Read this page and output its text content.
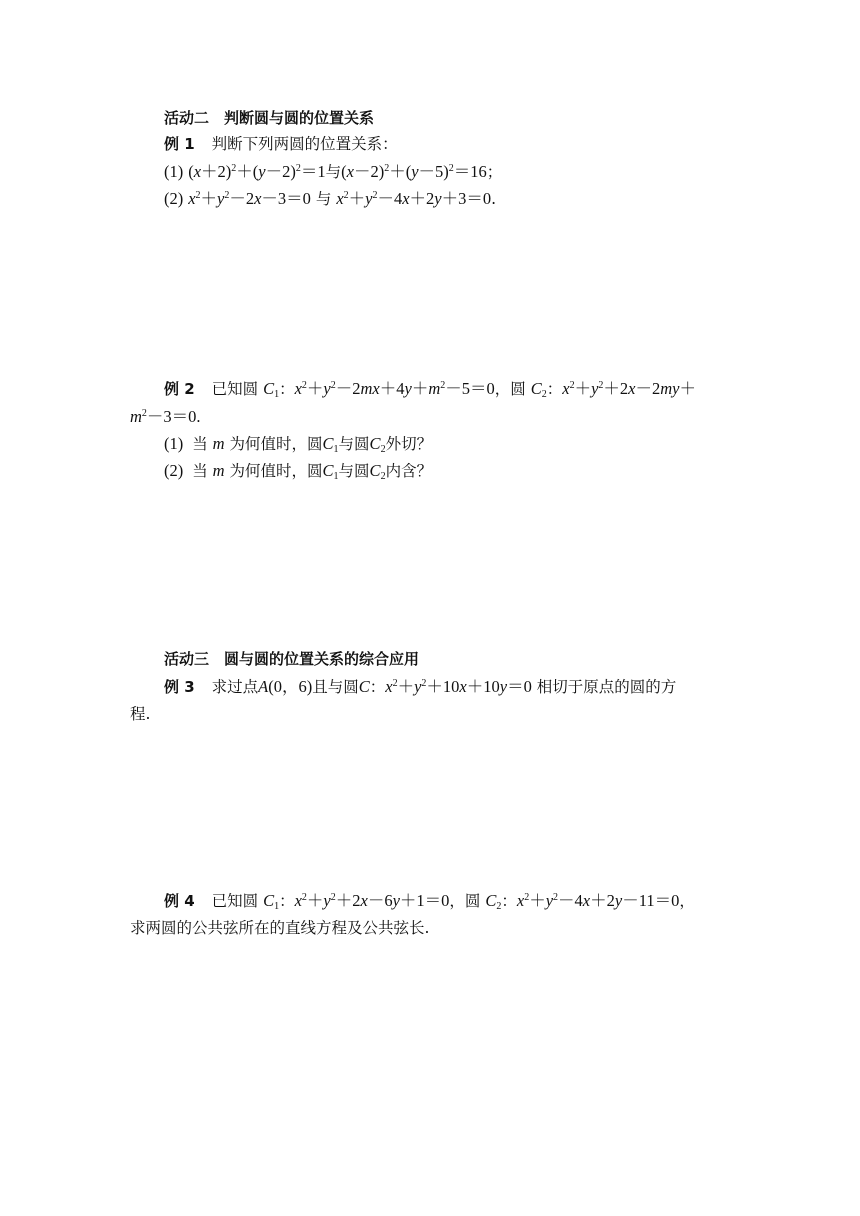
活动二　判断圆与圆的位置关系
例 1 判断下列两圆的位置关系：
(1) $(x+2)^2+(y-2)^2=1$与$(x-2)^2+(y-5)^2=16$；
(2) $x^2+y^2-2x-3=0$ 与 $x^2+y^2-4x+2y+3=0$.
例 2 已知圆 $C_1$：$x^2+y^2-2mx+4y+m^2-5=0$，圆 $C_2$：$x^2+y^2+2x-2my+$
$m^2-3=0$.
(1) 当 m 为何值时，圆$C_1$与圆$C_2$外切？
(2) 当 m 为何值时，圆$C_1$与圆$C_2$内含？
活动三　圆与圆的位置关系的综合应用
例 3 求过点A(0，6)且与圆C：$x^2+y^2+10x+10y=0$ 相切于原点的圆的方
程.
例 4 已知圆 $C_1$：$x^2+y^2+2x-6y+1=0$，圆 $C_2$：$x^2+y^2-4x+2y-11=0$，
求两圆的公共弦所在的直线方程及公共弦长.
